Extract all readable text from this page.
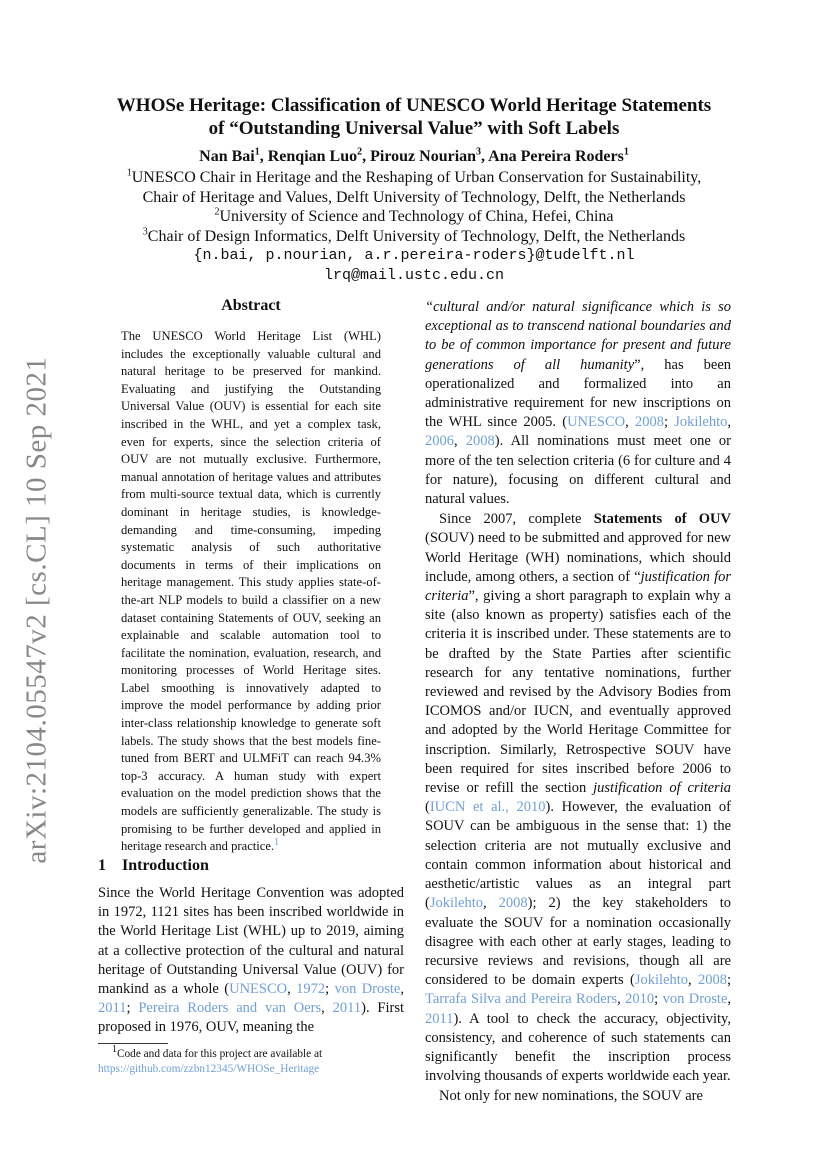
arXiv:2104.05547v2 [cs.CL] 10 Sep 2021
WHOSe Heritage: Classification of UNESCO World Heritage Statements
of “Outstanding Universal Value” with Soft Labels
Nan Bai$^1$, Renqian Luo$^2$, Pirouz Nourian$^3$, Ana Pereira Roders$^1$
$^1$UNESCO Chair in Heritage and the Reshaping of Urban Conservation for Sustainability,
Chair of Heritage and Values, Delft University of Technology, Delft, the Netherlands
$^2$University of Science and Technology of China, Hefei, China
$^3$Chair of Design Informatics, Delft University of Technology, Delft, the Netherlands
{n.bai, p.nourian, a.r.pereira-roders}@tudelft.nl
lrq@mail.ustc.edu.cn
Abstract
The UNESCO World Heritage List (WHL) includes the exceptionally valuable cultural and natural heritage to be preserved for mankind. Evaluating and justifying the Outstanding Universal Value (OUV) is essential for each site inscribed in the WHL, and yet a complex task, even for experts, since the selection criteria of OUV are not mutually exclusive. Furthermore, manual annotation of heritage values and attributes from multi-source textual data, which is currently dominant in heritage studies, is knowledge-demanding and time-consuming, impeding systematic analysis of such authoritative documents in terms of their implications on heritage management. This study applies state-of-the-art NLP models to build a classifier on a new dataset containing Statements of OUV, seeking an explainable and scalable automation tool to facilitate the nomination, evaluation, research, and monitoring processes of World Heritage sites. Label smoothing is innovatively adapted to improve the model performance by adding prior inter-class relationship knowledge to generate soft labels. The study shows that the best models fine-tuned from BERT and ULMFiT can reach 94.3% top-3 accuracy. A human study with expert evaluation on the model prediction shows that the models are sufficiently generalizable. The study is promising to be further developed and applied in heritage research and practice.$^1$
1 Introduction
Since the World Heritage Convention was adopted in 1972, 1121 sites has been inscribed worldwide in the World Heritage List (WHL) up to 2019, aiming at a collective protection of the cultural and natural heritage of Outstanding Universal Value (OUV) for mankind as a whole (UNESCO, 1972; von Droste, 2011; Pereira Roders and van Oers, 2011). First proposed in 1976, OUV, meaning the
$^1$Code and data for this project are available at
https://github.com/zzbn12345/WHOSe_Heritage

“cultural and/or natural significance which is so exceptional as to transcend national boundaries and to be of common importance for present and future generations of all humanity”, has been operationalized and formalized into an administrative requirement for new inscriptions on the WHL since 2005. (UNESCO, 2008; Jokilehto, 2006, 2008). All nominations must meet one or more of the ten selection criteria (6 for culture and 4 for nature), focusing on different cultural and natural values.

Since 2007, complete Statements of OUV (SOUV) need to be submitted and approved for new World Heritage (WH) nominations, which should include, among others, a section of “justification for criteria”, giving a short paragraph to explain why a site (also known as property) satisfies each of the criteria it is inscribed under. These statements are to be drafted by the State Parties after scientific research for any tentative nominations, further reviewed and revised by the Advisory Bodies from ICOMOS and/or IUCN, and eventually approved and adopted by the World Heritage Committee for inscription. Similarly, Retrospective SOUV have been required for sites inscribed before 2006 to revise or refill the section justification of criteria (IUCN et al., 2010). However, the evaluation of SOUV can be ambiguous in the sense that: 1) the selection criteria are not mutually exclusive and contain common information about historical and aesthetic/artistic values as an integral part (Jokilehto, 2008); 2) the key stakeholders to evaluate the SOUV for a nomination occasionally disagree with each other at early stages, leading to recursive reviews and revisions, though all are considered to be domain experts (Jokilehto, 2008; Tarrafa Silva and Pereira Roders, 2010; von Droste, 2011). A tool to check the accuracy, objectivity, consistency, and coherence of such statements can significantly benefit the inscription process involving thousands of experts worldwide each year.

Not only for new nominations, the SOUV are
